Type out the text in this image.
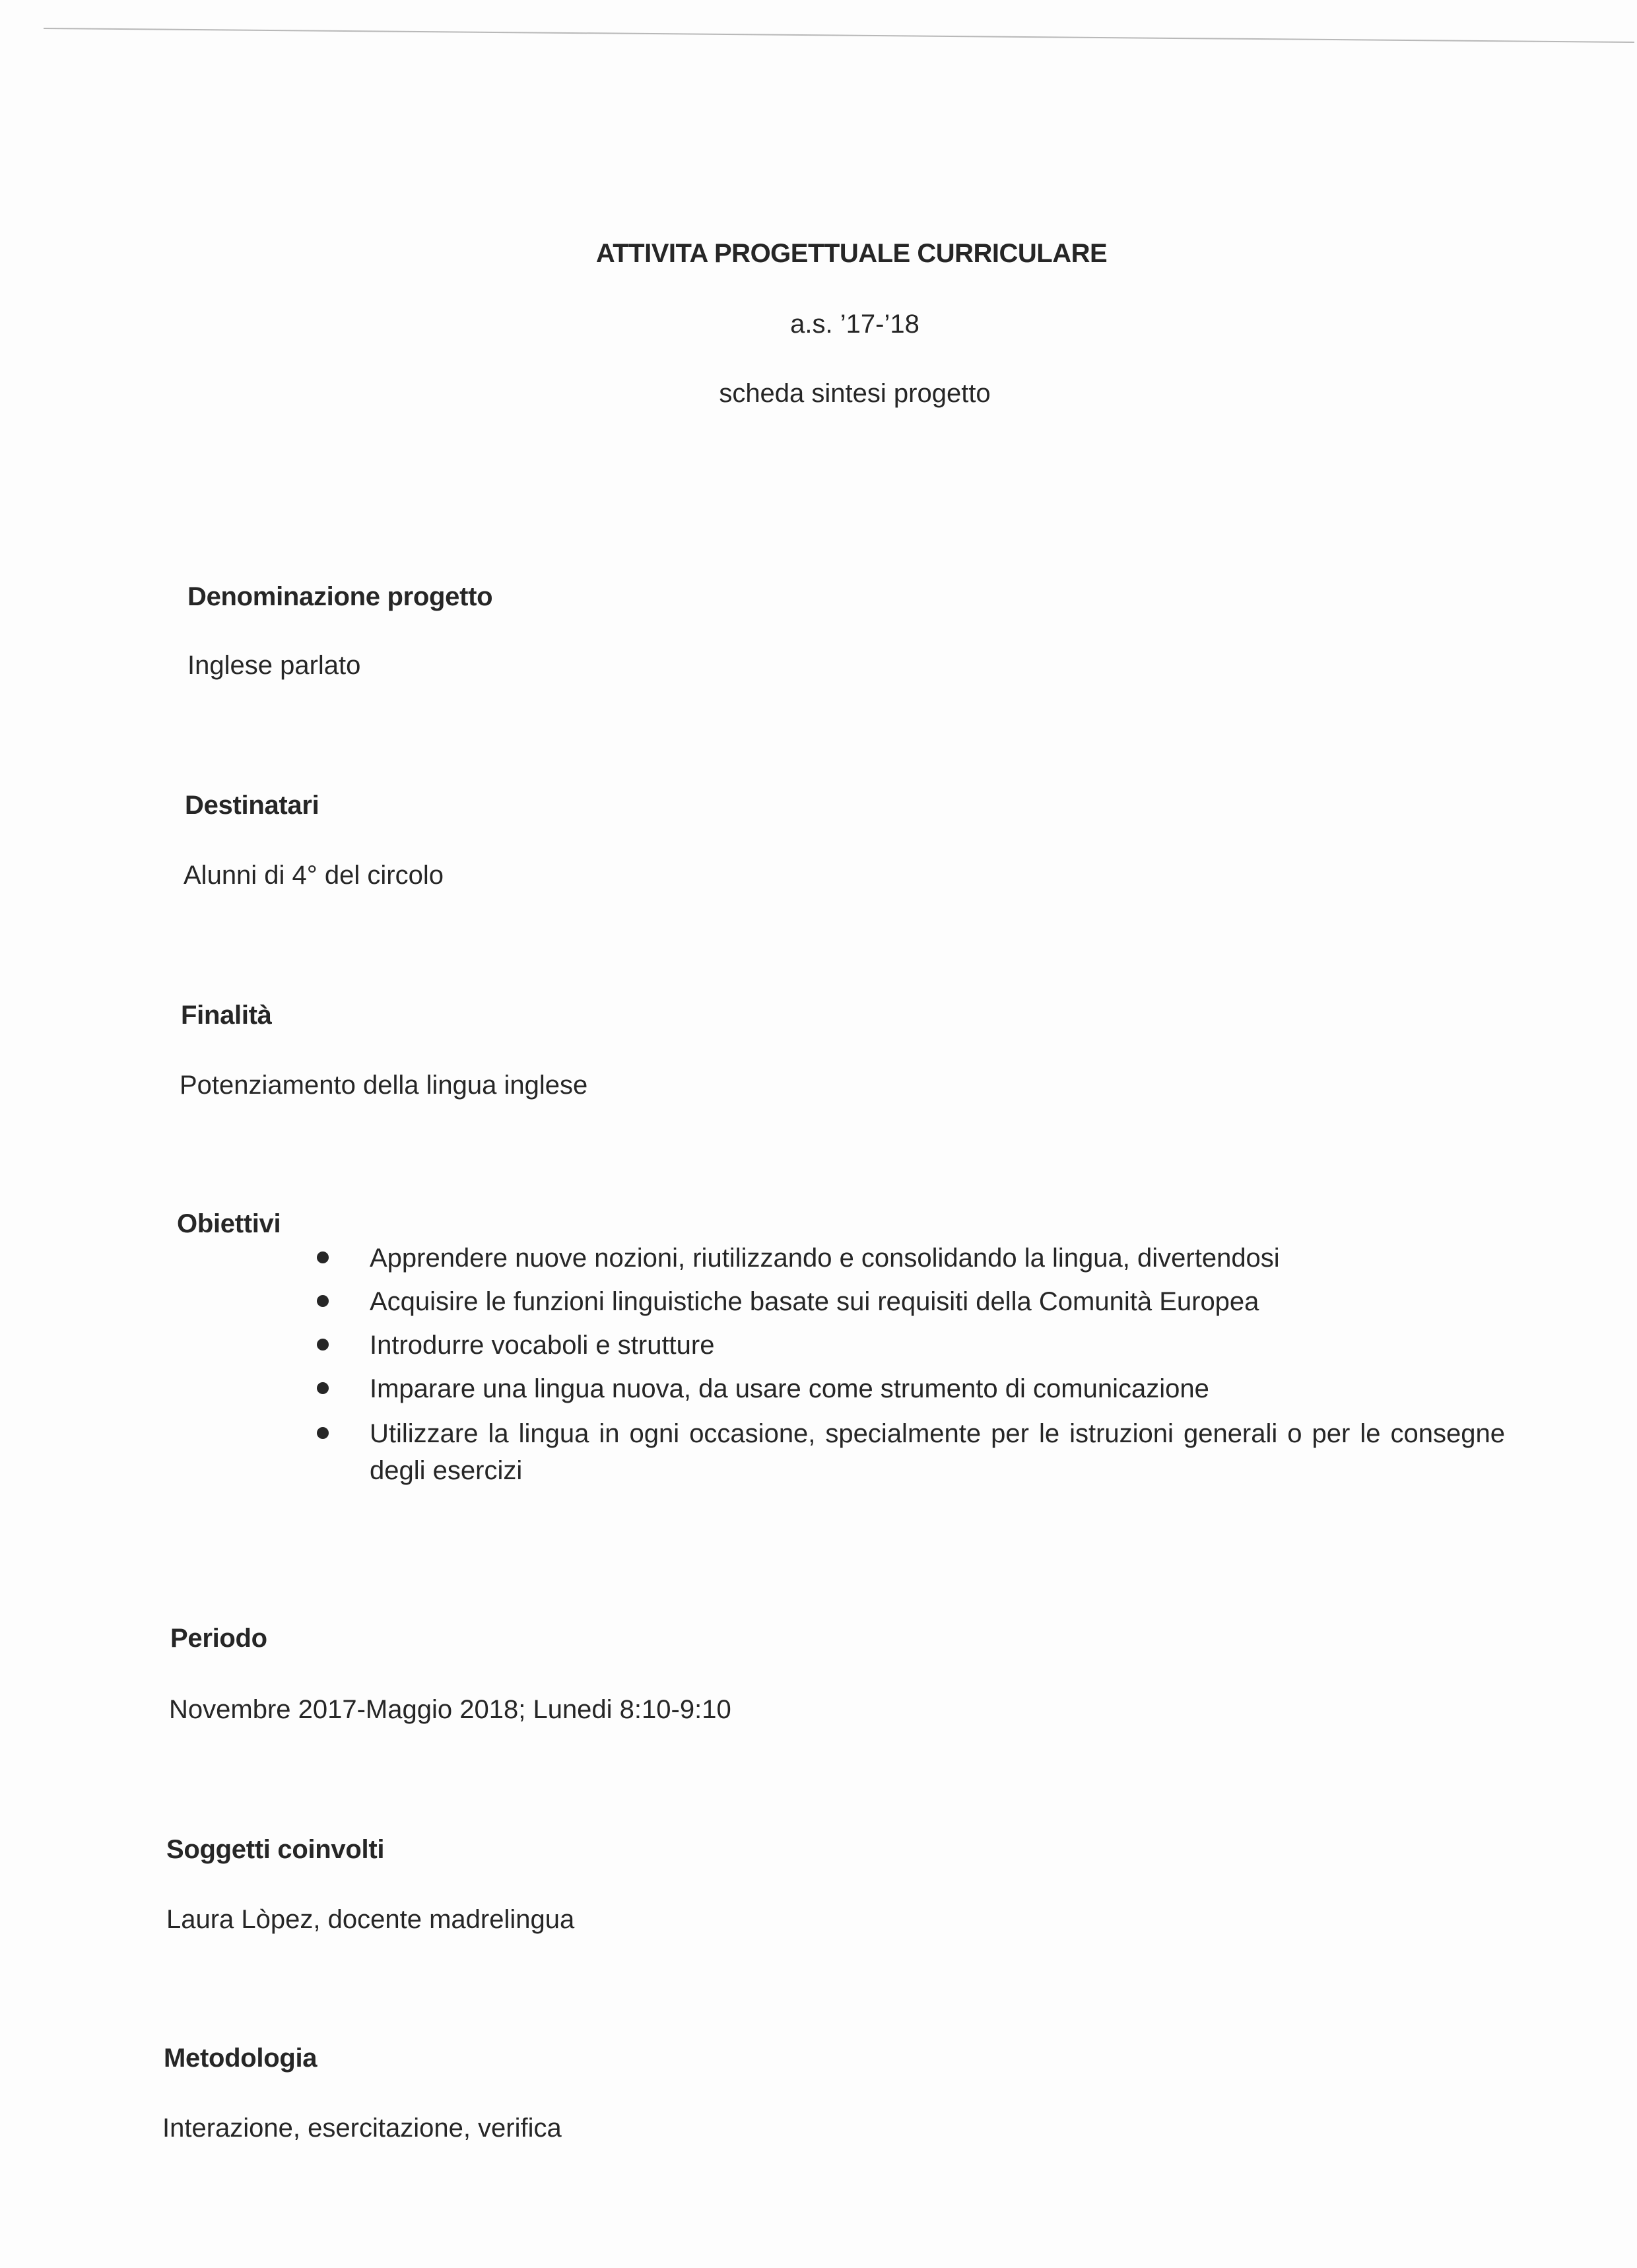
ATTIVITA PROGETTUALE CURRICULARE
a.s. ’17-’18
scheda sintesi progetto
Denominazione progetto
Inglese parlato
Destinatari
Alunni di 4° del circolo
Finalità
Potenziamento della lingua inglese
Obiettivi
Apprendere nuove nozioni, riutilizzando e consolidando la lingua, divertendosi
Acquisire le funzioni linguistiche basate sui requisiti della Comunità Europea
Introdurre vocaboli e strutture
Imparare una lingua nuova, da usare come strumento di comunicazione
Utilizzare la lingua in ogni occasione, specialmente per le istruzioni generali o per le consegne degli esercizi
Periodo
Novembre 2017-Maggio 2018; Lunedi 8:10-9:10
Soggetti coinvolti
Laura Lòpez, docente madrelingua
Metodologia
Interazione, esercitazione, verifica
